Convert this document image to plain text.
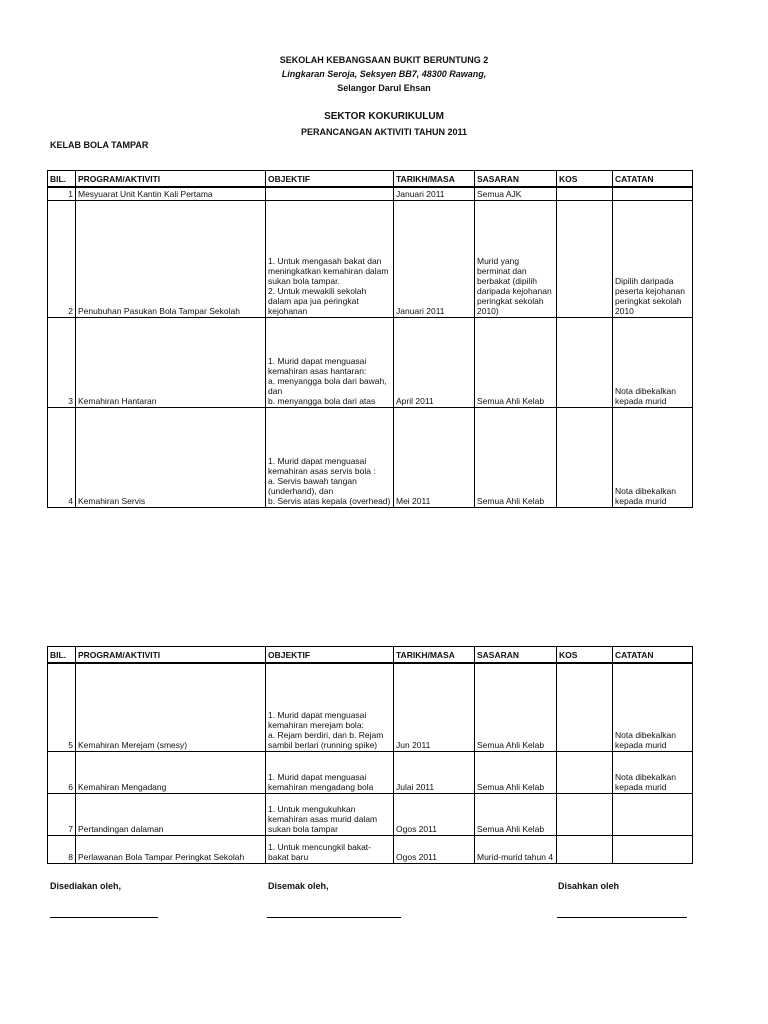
SEKOLAH KEBANGSAAN BUKIT BERUNTUNG 2
Lingkaran Seroja, Seksyen BB7, 48300 Rawang,
Selangor Darul Ehsan
SEKTOR KOKURIKULUM
PERANCANGAN AKTIVITI TAHUN 2011
KELAB BOLA TAMPAR
BIL.	PROGRAM/AKTIVITI	OBJEKTIF	TARIKH/MASA	SASARAN	KOS	CATATAN
1	Mesyuarat Unit Kantin Kali Pertama		Januari 2011	Semua AJK		
2	Penubuhan Pasukan Bola Tampar Sekolah	1. Untuk mengasah bakat dan meningkatkan kemahiran dalam sukan bola tampar.
2. Untuk mewakili sekolah dalam apa jua peringkat kejohanan	Januari 2011	Murid yang berminat dan berbakat (dipilih daripada kejohanan peringkat sekolah 2010)		Dipilih daripada peserta kejohanan peringkat sekolah 2010
3	Kemahiran Hantaran	1. Murid dapat menguasai kemahiran asas hantaran:
a. menyangga bola dari bawah, dan
b. menyangga bola dari atas	April 2011	Semua Ahli Kelab		Nota dibekalkan kepada murid
4	Kemahiran Servis	1. Murid dapat menguasai kemahiran asas servis bola :
a. Servis bawah tangan (underhand), dan
b. Servis atas kepala (overhead)	Mei 2011	Semua Ahli Kelab		Nota dibekalkan kepada murid
BIL.	PROGRAM/AKTIVITI	OBJEKTIF	TARIKH/MASA	SASARAN	KOS	CATATAN
5	Kemahiran Merejam (smesy)	1. Murid dapat menguasai kemahiran merejam bola:
a. Rejam berdiri, dan b. Rejam sambil berlari (running spike)	Jun 2011	Semua Ahli Kelab		Nota dibekalkan kepada murid
6	Kemahiran Mengadang	1. Murid dapat menguasai kemahiran mengadang bola	Julai 2011	Semua Ahli Kelab		Nota dibekalkan kepada murid
7	Pertandingan dalaman	1. Untuk mengukuhkan kemahiran asas murid dalam sukan bola tampar	Ogos 2011	Semua Ahli Kelab		
8	Perlawanan Bola Tampar Peringkat Sekolah	1. Untuk mencungkil bakat-bakat baru	Ogos 2011	Murid-murid tahun 4		
Disediakan oleh,	Disemak oleh,	Disahkan oleh
